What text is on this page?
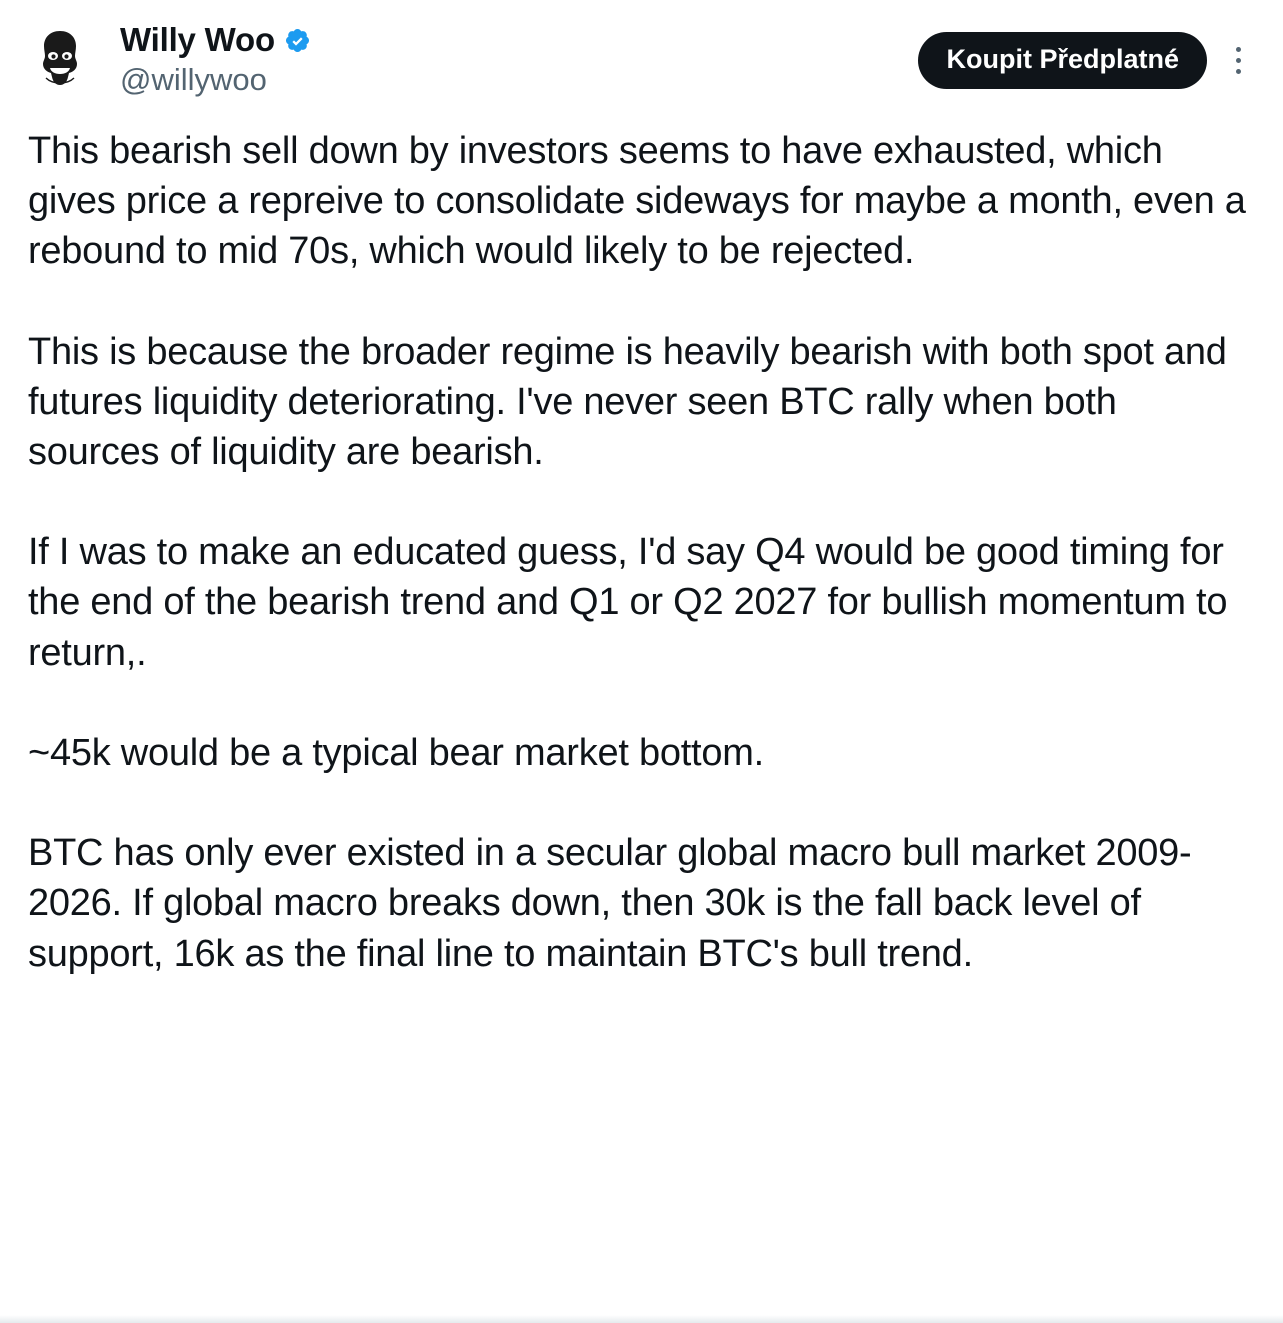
Willy Woo
@willywoo
Koupit Předplatné
This bearish sell down by investors seems to have exhausted, which gives price a repreive to consolidate sideways for maybe a month, even a rebound to mid 70s, which would likely to be rejected.

This is because the broader regime is heavily bearish with both spot and futures liquidity deteriorating. I've never seen BTC rally when both sources of liquidity are bearish.

If I was to make an educated guess, I'd say Q4 would be good timing for the end of the bearish trend and Q1 or Q2 2027 for bullish momentum to return,.

~45k would be a typical bear market bottom.

BTC has only ever existed in a secular global macro bull market 2009-2026. If global macro breaks down, then 30k is the fall back level of support, 16k as the final line to maintain BTC's bull trend.
